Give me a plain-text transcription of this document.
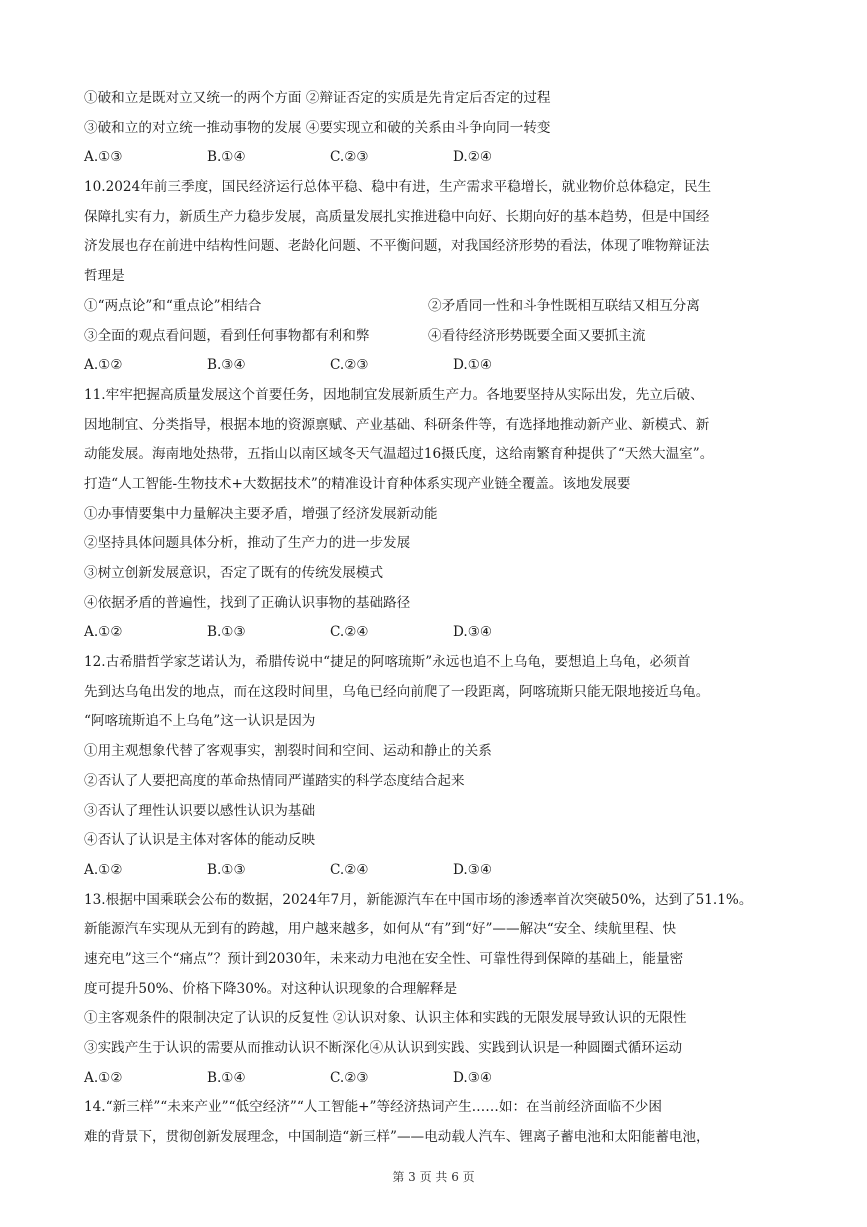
①破和立是既对立又统一的两个方面 ②辩证否定的实质是先肯定后否定的过程
③破和立的对立统一推动事物的发展 ④要实现立和破的关系由斗争向同一转变
A.①③	B.①④	C.②③	D.②④
10.2024年前三季度，国民经济运行总体平稳、稳中有进，生产需求平稳增长，就业物价总体稳定，民生
保障扎实有力，新质生产力稳步发展，高质量发展扎实推进稳中向好、长期向好的基本趋势，但是中国经
济发展也存在前进中结构性问题、老龄化问题、不平衡问题，对我国经济形势的看法，体现了唯物辩证法
哲理是
①“两点论”和“重点论”相结合	②矛盾同一性和斗争性既相互联结又相互分离
③全面的观点看问题，看到任何事物都有利和弊	④看待经济形势既要全面又要抓主流
A.①②	B.③④	C.②③	D.①④
11.牢牢把握高质量发展这个首要任务，因地制宜发展新质生产力。各地要坚持从实际出发，先立后破、
因地制宜、分类指导，根据本地的资源禀赋、产业基础、科研条件等，有选择地推动新产业、新模式、新
动能发展。海南地处热带，五指山以南区域冬天气温超过16摄氏度，这给南繁育种提供了“天然大温室”。
打造“人工智能-生物技术+大数据技术”的精准设计育种体系实现产业链全覆盖。该地发展要
①办事情要集中力量解决主要矛盾，增强了经济发展新动能
②坚持具体问题具体分析，推动了生产力的进一步发展
③树立创新发展意识，否定了既有的传统发展模式
④依据矛盾的普遍性，找到了正确认识事物的基础路径
A.①②	B.①③	C.②④	D.③④
12.古希腊哲学家芝诺认为，希腊传说中“捷足的阿喀琉斯”永远也追不上乌龟，要想追上乌龟，必须首
先到达乌龟出发的地点，而在这段时间里，乌龟已经向前爬了一段距离，阿喀琉斯只能无限地接近乌龟。
“阿喀琉斯追不上乌龟”这一认识是因为
①用主观想象代替了客观事实，割裂时间和空间、运动和静止的关系
②否认了人要把高度的革命热情同严谨踏实的科学态度结合起来
③否认了理性认识要以感性认识为基础
④否认了认识是主体对客体的能动反映
A.①②	B.①③	C.②④	D.③④
13.根据中国乘联会公布的数据，2024年7月，新能源汽车在中国市场的渗透率首次突破50%，达到了51.1%。
新能源汽车实现从无到有的跨越，用户越来越多，如何从“有”到“好”——解决“安全、续航里程、快
速充电”这三个“痛点”？预计到2030年，未来动力电池在安全性、可靠性得到保障的基础上，能量密
度可提升50%、价格下降30%。对这种认识现象的合理解释是
①主客观条件的限制决定了认识的反复性 ②认识对象、认识主体和实践的无限发展导致认识的无限性
③实践产生于认识的需要从而推动认识不断深化④从认识到实践、实践到认识是一种圆圈式循环运动
A.①②	B.①④	C.②③	D.③④
14.“新三样”“未来产业”“低空经济”“人工智能+”等经济热词产生……如：在当前经济面临不少困
难的背景下，贯彻创新发展理念，中国制造“新三样”——电动载人汽车、锂离子蓄电池和太阳能蓄电池，
第 3 页 共 6 页
